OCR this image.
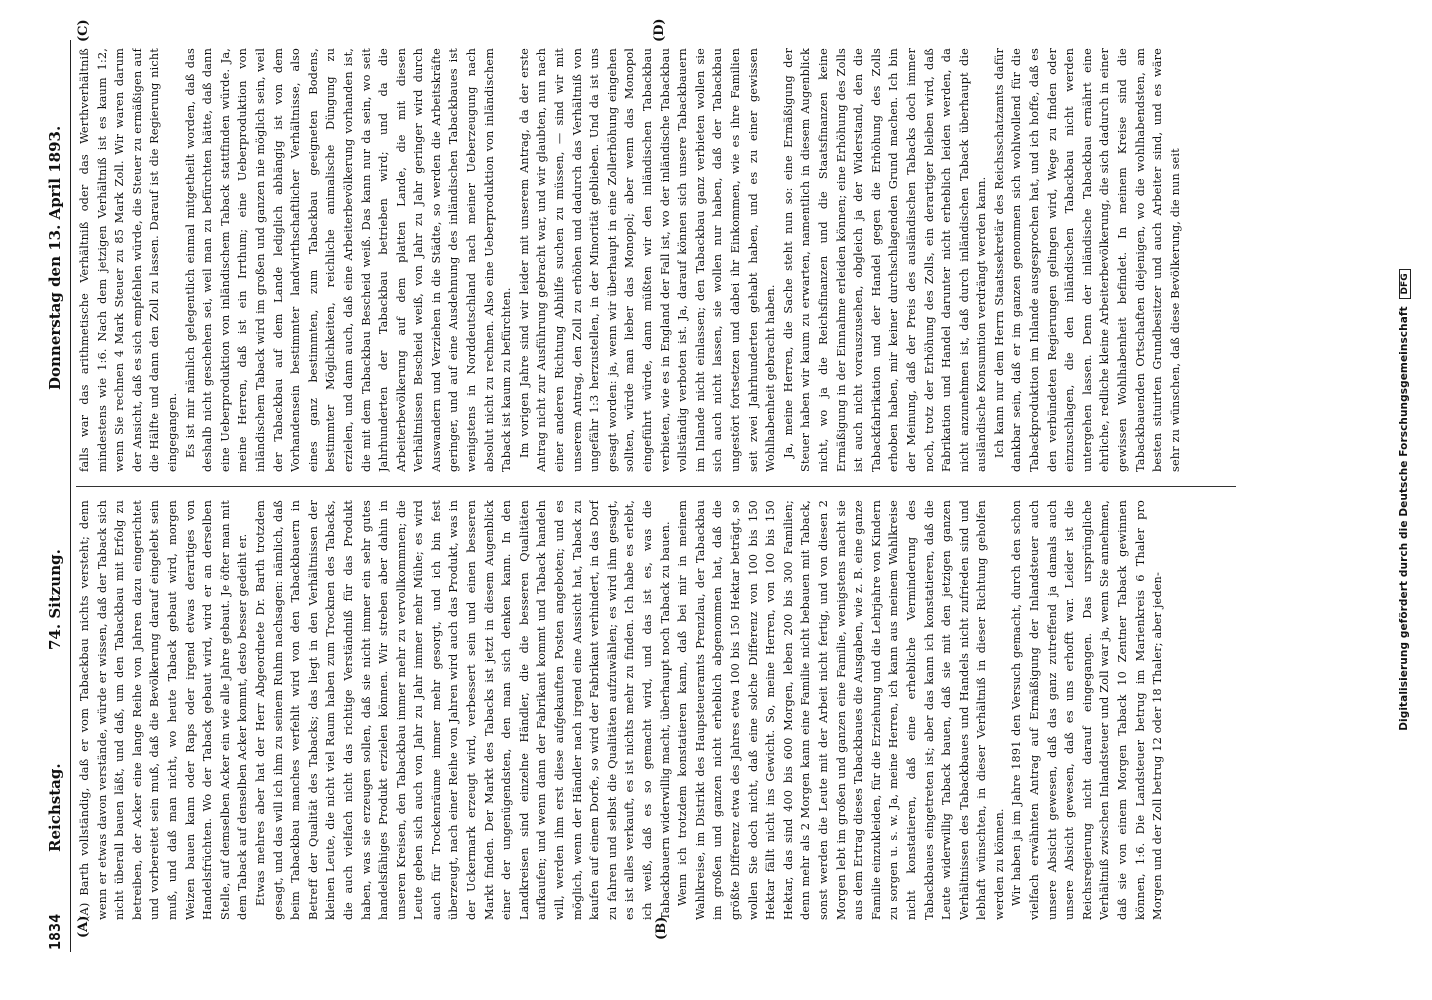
1834
Reichstag.
74. Sitzung.
Donnerstag den 13. April 1893.
(A)	(B)
(C)	(D)

(A) Barth vollständig, daß er vom Tabackbau nichts versteht; denn wenn er etwas davon verstände, würde er wissen, daß der Taback sich nicht überall bauen läßt, und daß, um den Tabackbau mit Erfolg zu betreiben, der Acker eine lange Reihe von Jahren dazu eingerichtet und vorbereitet sein muß, daß die Bevölkerung darauf eingelebt sein muß, und daß man nicht, wo heute Taback gebaut wird, morgen Weizen bauen kann oder Raps oder irgend etwas derartiges von Handelsfrüchten. Wo der Taback gebaut wird, wird er an derselben Stelle, auf demselben Acker ein wie alle Jahre gebaut. Je öfter man mit dem Taback auf denselben Acker kommt, desto besser gedeiht er. Etwas mehres aber hat der Herr Abgeordnete Dr. Barth trotzdem gesagt, und das will ich ihm zu seinem Ruhm nachsagen: nämlich, daß beim Tabackbau manches verfehlt wird von den Tabackbauern in Betreff der Qualität des Tabacks; das liegt in den Verhältnissen der kleinen Leute, die nicht viel Raum haben zum Trocknen des Tabacks, die auch vielfach nicht das richtige Verständniß für das Produkt haben, was sie erzeugen sollen, daß sie nicht immer ein sehr gutes handelsfähiges Produkt erzielen können. Wir streben aber dahin in unseren Kreisen, den Tabackbau immer mehr zu vervollkommnen; die Leute geben sich auch von Jahr zu Jahr immer mehr Mühe; es wird auch für Trockenräume immer mehr gesorgt, und ich bin fest überzeugt, nach einer Reihe von Jahren wird auch das Produkt, was in der Uckermark erzeugt wird, verbessert sein und einen besseren Markt finden. Der Markt des Tabacks ist jetzt in diesem Augenblick einer der ungenügendsten, den man sich denken kann. In den Landkreisen sind einzelne Händler, die die besseren Qualitäten aufkaufen; und wenn dann der Fabrikant kommt und Taback handeln will, werden ihm erst diese aufgekauften Posten angeboten; und es möglich, wenn der Händler nach irgend eine Aussicht hat, Taback zu kaufen auf einem Dorfe, so wird der Fabrikant verhindert, in das Dorf zu fahren und selbst die Qualitäten aufzuwählen; es wird ihm gesagt, es ist alles verkauft, es ist nichts mehr zu finden. Ich habe es erlebt, ich weiß, daß es so gemacht wird, und das ist es, was die Tabackbauern widerwillig macht, überhaupt noch Taback zu bauen. Wenn ich trotzdem konstatieren kann, daß bei mir in meinem Wahlkreise, im Distrikt des Haupsteueramts Prenzlau, der Tabackbau im großen und ganzen nicht erheblich abgenommen hat, daß die größte Differenz etwa des Jahres etwa 100 bis 150 Hektar beträgt, so wollen Sie doch nicht, daß eine solche Differenz von 100 bis 150 Hektar fällt nicht ins Gewicht. So, meine Herren, von 100 bis 150 Hektar, das sind 400 bis 600 Morgen, leben 200 bis 300 Familien; denn mehr als 2 Morgen kann eine Familie nicht bebauen mit Taback, sonst werden die Leute mit der Arbeit nicht fertig, und von diesen 2 Morgen lebt im großen und ganzen eine Familie, wenigstens macht sie aus dem Ertrag dieses Tabackbaues die Ausgaben, wie z. B. eine ganze Familie einzukleiden, für die Erziehung und die Lehrjahre von Kindern zu sorgen u. s. w. Ja, meine Herren, ich kann aus meinem Wahlkreise nicht konstatieren, daß eine erhebliche Verminderung des Tabackbaues eingetreten ist; aber das kann ich konstatieren, daß die Leute widerwillig Taback bauen, daß sie mit den jetzigen ganzen Verhältnissen des Tabackbaues und Handels nicht zufrieden sind und lebhaft wünschten, in dieser Verhältniß in dieser Richtung geholfen werden zu können. Wir haben ja im Jahre 1891 den Versuch gemacht, durch den schon vielfach erwähnten Antrag auf Ermäßigung der Inlandsteuer auch unsere Absicht gewesen, daß das ganz zutreffend ja damals auch unsere Absicht gewesen, daß es uns erhofft war. Leider ist die Reichsregierung nicht darauf eingegangen. Das ursprüngliche Verhältniß zwischen Inlandsteuer und Zoll war ja, wenn Sie annehmen, daß sie von einem Morgen Taback 10 Zentner Taback gewinnen können, 1:6. Die Landsteuer betrug im Marienkreis 6 Thaler pro Morgen und der Zoll betrug 12 oder 18 Thaler; aber jeden-

falls war das arithmetische Verhältniß oder das Werthverhältniß mindestens wie 1:6. Nach dem jetzigen Verhältniß ist es kaum 1:2, wenn Sie rechnen 4 Mark Steuer zu 85 Mark Zoll. Wir waren darum der Ansicht, daß es sich empfehlen würde, die Steuer zu ermäßigen auf die Hälfte und dann den Zoll zu lassen. Darauf ist die Regierung nicht eingegangen. Es ist mir nämlich gelegentlich einmal mitgetheilt worden, daß das deshalb nicht geschehen sei, weil man zu befürchten hätte, daß dann eine Ueberproduktion von inländischem Taback stattfinden würde. Ja, meine Herren, daß ist ein Irrthum; eine Ueberproduktion von inländischem Taback wird im großen und ganzen nie möglich sein, weil der Tabackbau auf dem Lande lediglich abhängig ist von dem Vorhandensein bestimmter landwirthschaftlicher Verhältnisse, also eines ganz bestimmten, zum Tabackbau geeigneten Bodens, bestimmter Möglichkeiten, reichliche animalische Düngung zu erzielen, und dann auch, daß eine Arbeiterbevölkerung vorhanden ist, die mit dem Tabackbau Bescheid weiß. Das kann nur da sein, wo seit Jahrhunderten der Tabackbau betrieben wird; und da die Arbeiterbevölkerung auf dem platten Lande, die mit diesen Verhältnissen Bescheid weiß, von Jahr zu Jahr geringer wird durch Auswandern und Verziehen in die Städte, so werden die Arbeitskräfte geringer, und auf eine Ausdehnung des inländischen Tabackbaues ist wenigstens in Norddeutschland nach meiner Ueberzeugung nach absolut nicht zu rechnen. Also eine Ueberproduktion von inländischem Taback ist kaum zu befürchten. Im vorigen Jahre sind wir leider mit unserem Antrag, da der erste Antrag nicht zur Ausführung gebracht war, und wir glaubten, nun nach einer anderen Richtung Abhilfe suchen zu müssen, — sind wir mit unserem Antrag, den Zoll zu erhöhen und dadurch das Verhältniß von ungefähr 1:3 herzustellen, in der Minorität geblieben. Und da ist uns gesagt worden: ja, wenn wir überhaupt in eine Zollerhöhung eingehen sollten, würde man lieber das Monopol; aber wenn das Monopol eingeführt würde, dann müßten wir den inländischen Tabackbau verbieten, wie es in England der Fall ist, wo der inländische Tabackbau vollständig verboten ist. Ja, darauf können sich unsere Tabackbauern im Inlande nicht einlassen; den Tabackbau ganz verbieten wollen sie sich auch nicht lassen, sie wollen nur haben, daß der Tabackbau ungestört fortsetzen und dabei ihr Einkommen, wie es ihre Familien seit zwei Jahrhunderten gehabt haben, und es zu einer gewissen Wohlhabenheit gebracht haben. Ja, meine Herren, die Sache steht nun so: eine Ermäßigung der Steuer haben wir kaum zu erwarten, namentlich in diesem Augenblick nicht, wo ja die Reichsfinanzen und die Staatsfinanzen keine Ermäßigung in der Einnahme erleiden können; eine Erhöhung des Zolls ist auch nicht vorauszusehen, obgleich ja der Widerstand, den die Tabackfabrikation und der Handel gegen die Erhöhung des Zolls erhoben haben, mir keiner durchschlagenden Grund machen. Ich bin der Meinung, daß der Preis des ausländischen Tabacks doch immer noch, trotz der Erhöhung des Zolls, ein derartiger bleiben wird, daß Fabrikation und Handel darunter nicht erheblich leiden werden, da nicht anzunehmen ist, daß durch inländischen Taback überhaupt die ausländische Konsumtion verdrängt werden kann. Ich kann nur dem Herrn Staatssekretär des Reichsschatzamts dafür dankbar sein, daß er im ganzen genommen sich wohlwollend für die Tabackproduktion im Inlande ausgesprochen hat, und ich hoffe, daß es den verbündeten Regierungen gelingen wird, Wege zu finden oder einzuschlagen, die den inländischen Tabackbau nicht werden untergehen lassen. Denn der inländische Tabackbau ernährt eine ehrliche, redliche kleine Arbeiterbevölkerung, die sich dadurch in einer gewissen Wohlhabenheit befindet. In meinem Kreise sind die Tabackbauenden Ortschaften diejenigen, wo die wohlhabendsten, am besten situirten Grundbesitzer und auch Arbeiter sind, und es wäre sehr zu wünschen, daß diese Bevölkerung, die nun seit	Digitalisierung gefördert durch die Deutsche Forschungsgemeinschaft DFG
